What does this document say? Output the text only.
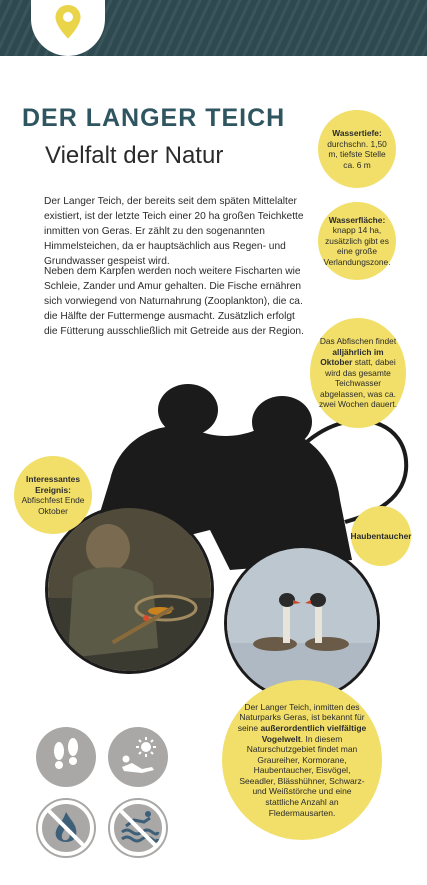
DER LANGER TEICH
Vielfalt der Natur

Der Langer Teich, der bereits seit dem späten Mittelalter existiert, ist der letzte Teich einer 20 ha großen Teichkette inmitten von Geras. Er zählt zu den sogenannten Himmelsteichen, da er hauptsächlich aus Regen- und Grundwasser gespeist wird.

Neben dem Karpfen werden noch weitere Fischarten wie Schleie, Zander und Amur gehalten. Die Fische ernähren sich vorwiegend von Naturnahrung (Zooplankton), die ca. die Hälfte der Futtermenge ausmacht. Zusätzlich erfolgt die Fütterung ausschließlich mit Getreide aus der Region.

Wassertiefe: durchschn. 1,50 m, tiefste Stelle ca. 6 m
Wasserfläche: knapp 14 ha, zusätzlich gibt es eine große Verlandungszone.
Das Abfischen findet alljährlich im Oktober statt, dabei wird das gesamte Teichwasser abgelassen, was ca. zwei Wochen dauert.
Interessantes Ereignis: Abfischfest Ende Oktober
Haubentaucher
Der Langer Teich, inmitten des Naturparks Geras, ist bekannt für seine außerordentlich vielfältige Vogelwelt. In diesem Naturschutzgebiet findet man Graureiher, Kormorane, Haubentaucher, Eisvögel, Seeadler, Blässhühner, Schwarz- und Weißstörche und eine stattliche Anzahl an Fledermausarten.
